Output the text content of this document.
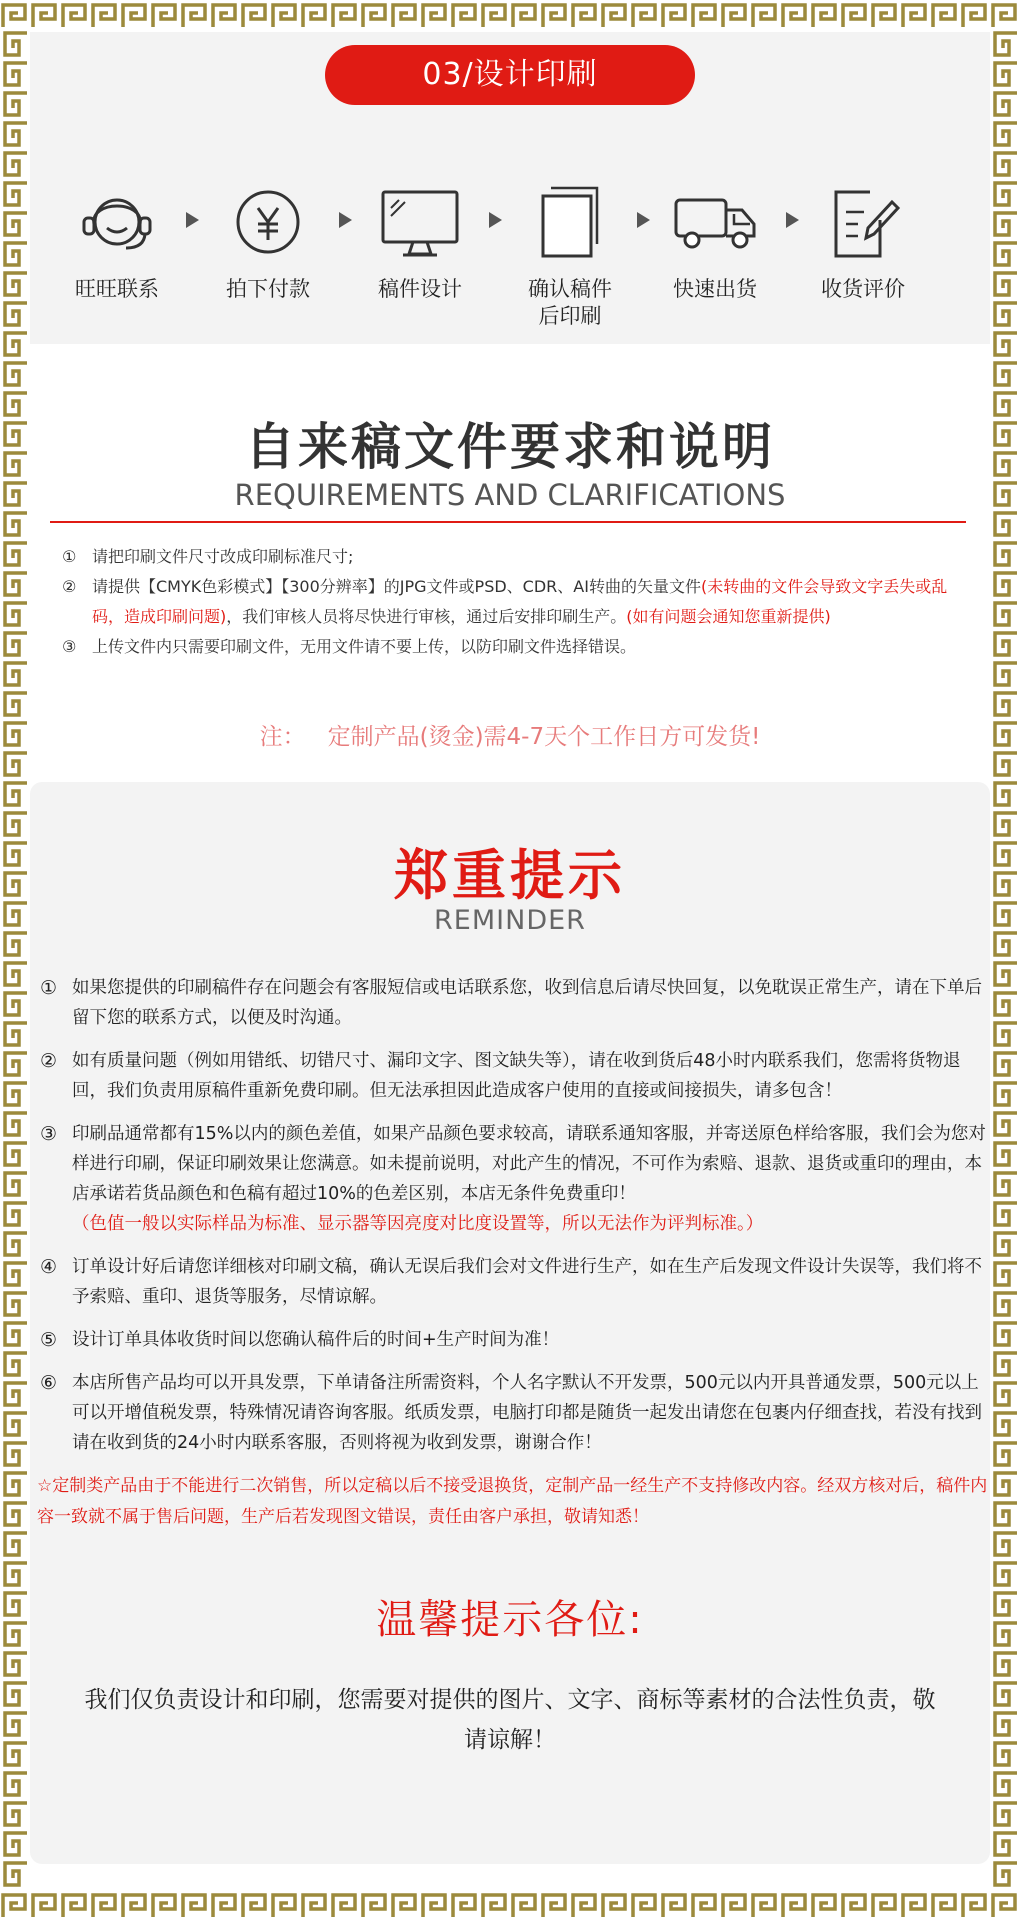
03/设计印刷
旺旺联系	拍下付款	稿件设计	确认稿件
后印刷
快速出货	收货评价
自来稿文件要求和说明
REQUIREMENTS AND CLARIFICATIONS
① 请把印刷文件尺寸改成印刷标准尺寸;
② 请提供【CMYK色彩模式】【300分辨率】的JPG文件或PSD、CDR、AI转曲的矢量文件(未转曲的文件会导致文字丢失或乱码，造成印刷问题)，我们审核人员将尽快进行审核，通过后安排印刷生产。(如有问题会通知您重新提供)
③ 上传文件内只需要印刷文件，无用文件请不要上传，以防印刷文件选择错误。
注：   定制产品(烫金)需4-7天个工作日方可发货!
郑重提示
REMINDER
① 如果您提供的印刷稿件存在问题会有客服短信或电话联系您，收到信息后请尽快回复，以免耽误正常生产，请在下单后留下您的联系方式，以便及时沟通。
② 如有质量问题（例如用错纸、切错尺寸、漏印文字、图文缺失等），请在收到货后48小时内联系我们，您需将货物退回，我们负责用原稿件重新免费印刷。但无法承担因此造成客户使用的直接或间接损失，请多包含！
③ 印刷品通常都有15%以内的颜色差值，如果产品颜色要求较高，请联系通知客服，并寄送原色样给客服，我们会为您对样进行印刷，保证印刷效果让您满意。如未提前说明，对此产生的情况，不可作为索赔、退款、退货或重印的理由，本店承诺若货品颜色和色稿有超过10%的色差区别，本店无条件免费重印！
（色值一般以实际样品为标准、显示器等因亮度对比度设置等，所以无法作为评判标准。）
④ 订单设计好后请您详细核对印刷文稿，确认无误后我们会对文件进行生产，如在生产后发现文件设计失误等，我们将不予索赔、重印、退货等服务，尽情谅解。
⑤ 设计订单具体收货时间以您确认稿件后的时间+生产时间为准！
⑥ 本店所售产品均可以开具发票，下单请备注所需资料，个人名字默认不开发票，500元以内开具普通发票，500元以上可以开增值税发票，特殊情况请咨询客服。纸质发票，电脑打印都是随货一起发出请您在包裹内仔细查找，若没有找到请在收到货的24小时内联系客服，否则将视为收到发票，谢谢合作！
☆定制类产品由于不能进行二次销售，所以定稿以后不接受退换货，定制产品一经生产不支持修改内容。经双方核对后，稿件内容一致就不属于售后问题，生产后若发现图文错误，责任由客户承担，敬请知悉！
温馨提示各位:
我们仅负责设计和印刷，您需要对提供的图片、文字、商标等素材的合法性负责，敬请谅解！
